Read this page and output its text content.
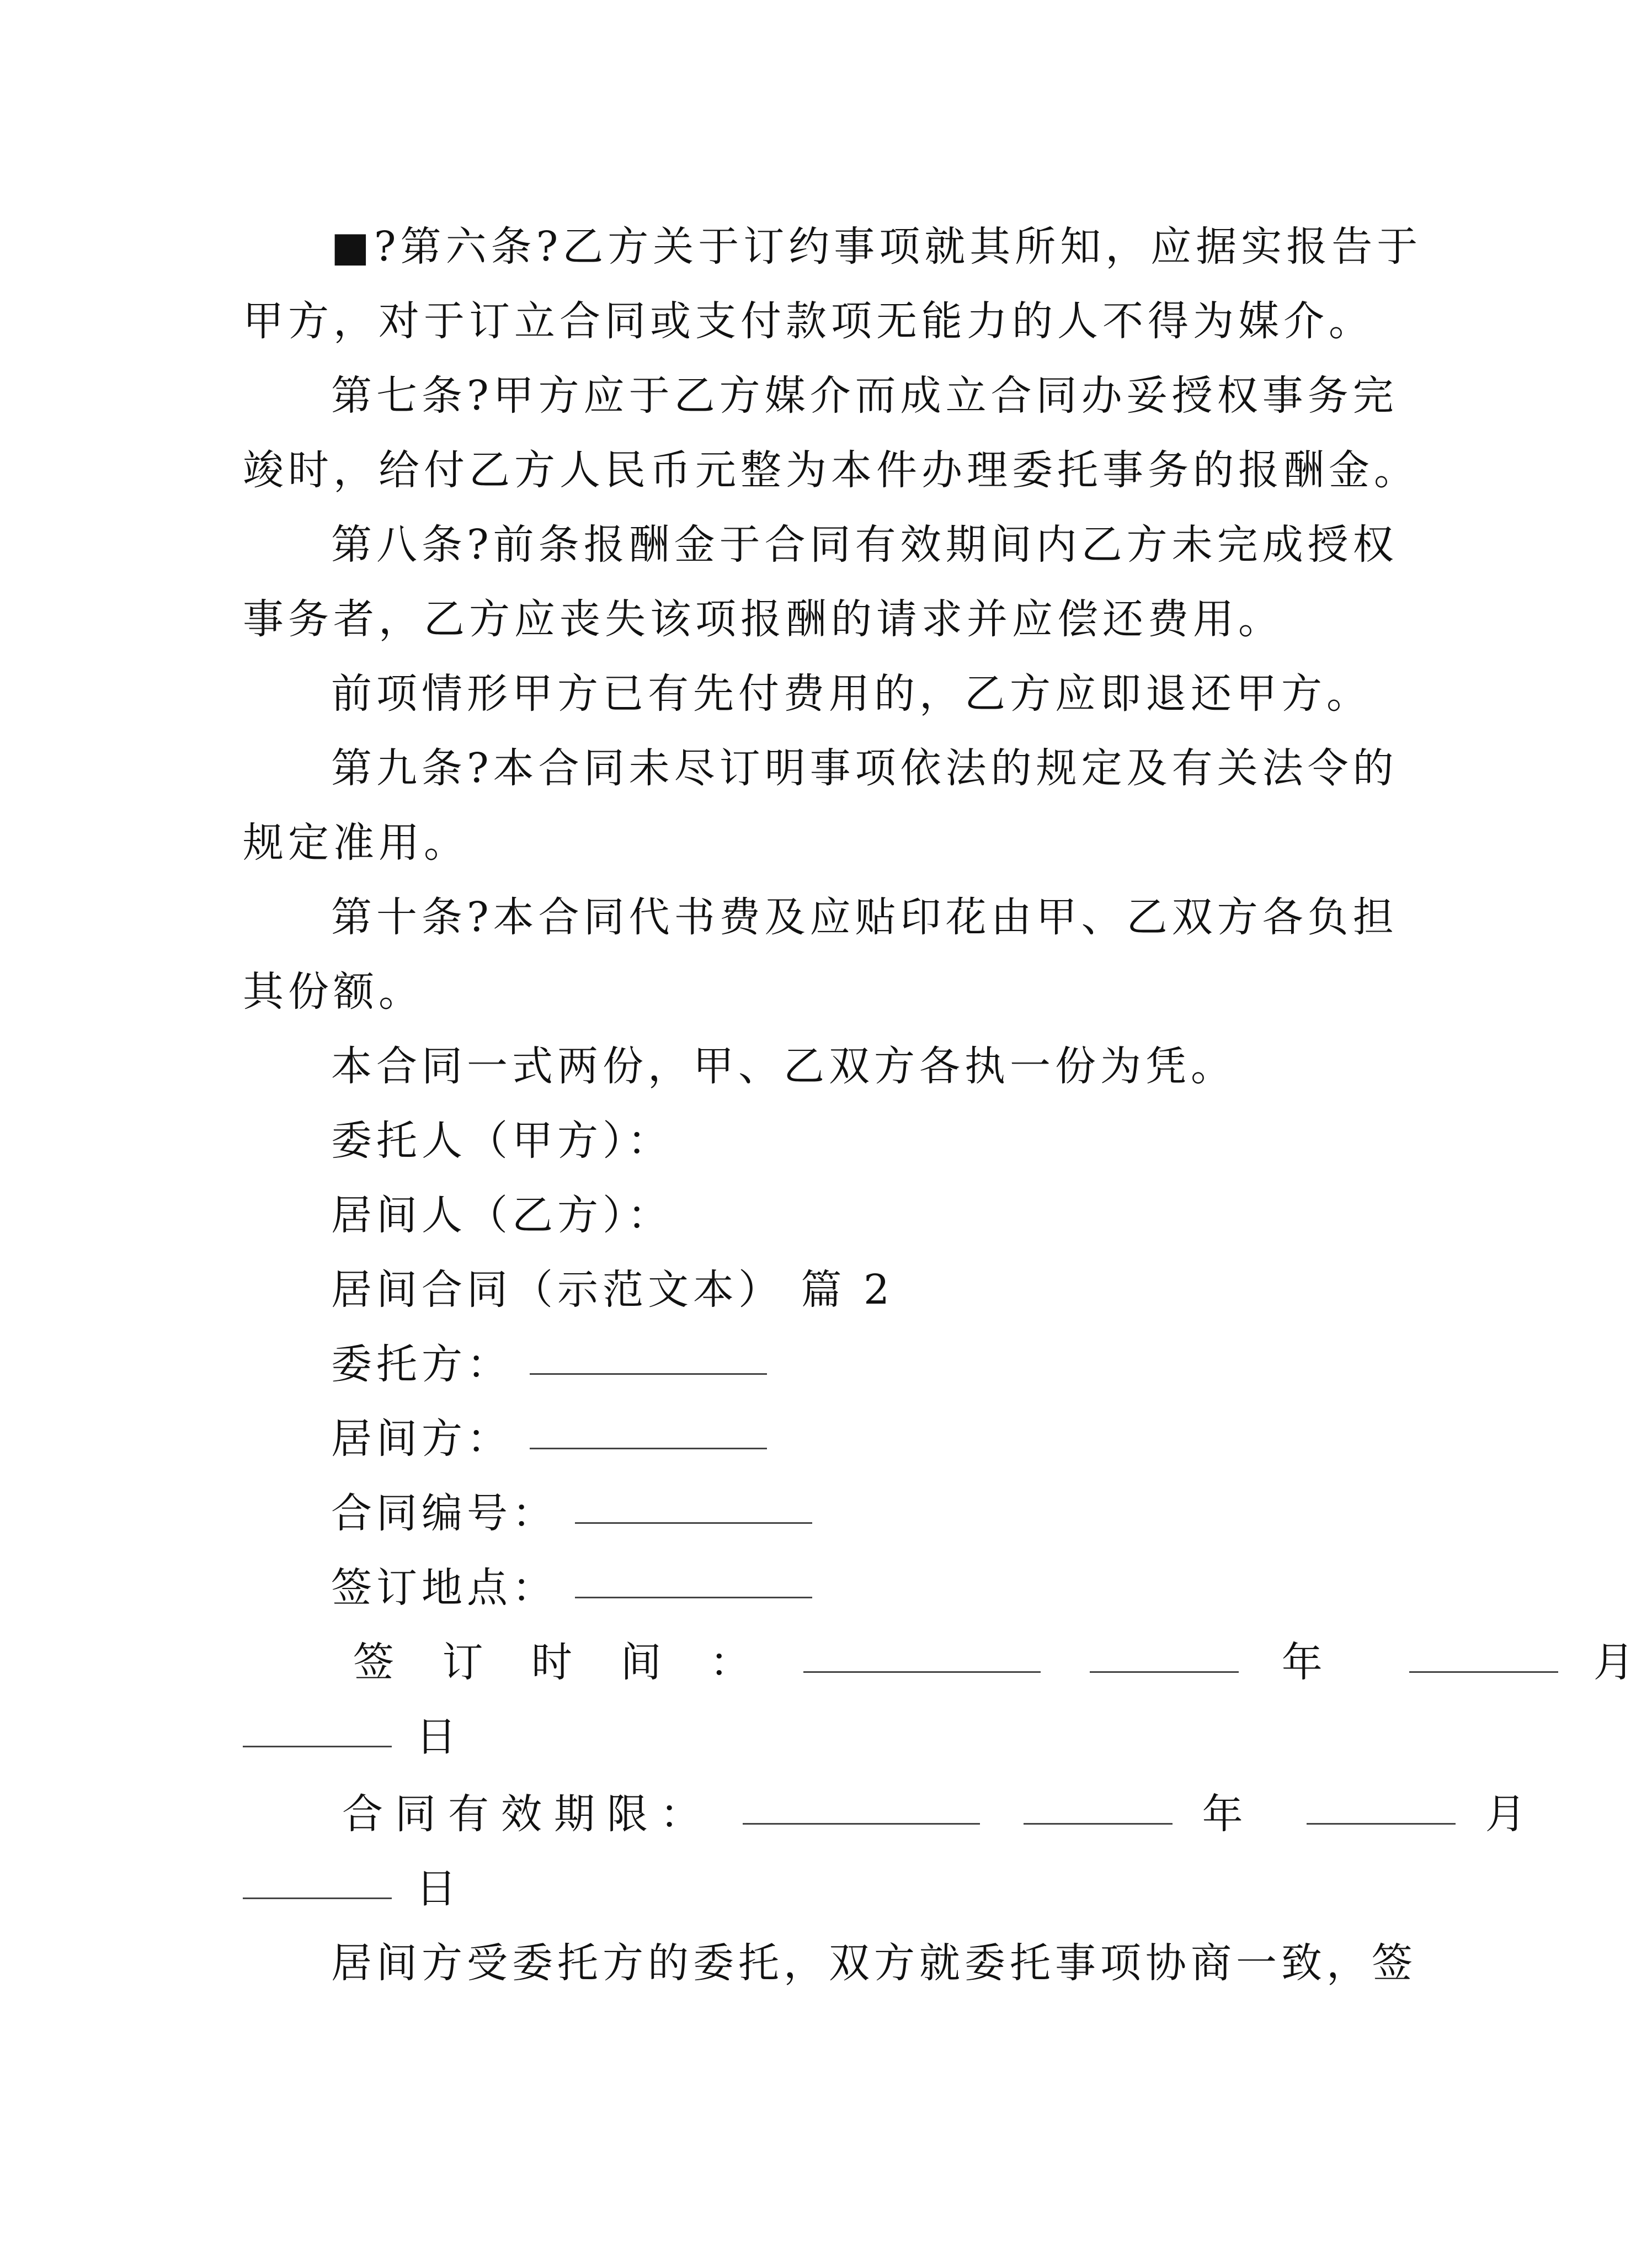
■?第六条?乙方关于订约事项就其所知，应据实报告于
甲方，对于订立合同或支付款项无能力的人不得为媒介。
第七条?甲方应于乙方媒介而成立合同办妥授权事务完
竣时，给付乙方人民币元整为本件办理委托事务的报酬金。
第八条?前条报酬金于合同有效期间内乙方未完成授权
事务者，乙方应丧失该项报酬的请求并应偿还费用。
前项情形甲方已有先付费用的，乙方应即退还甲方。
第九条?本合同未尽订明事项依法的规定及有关法令的
规定准用。
第十条?本合同代书费及应贴印花由甲、乙双方各负担
其份额。
本合同一式两份，甲、乙双方各执一份为凭。
委托人（甲方）：
居间人（乙方）：
居间合同（示范文本） 篇 2
委托方：
居间方：
合同编号：
签订地点：
签 订 时 间 ：	年	月
日
合同有效期限：	年	月
日
居间方受委托方的委托，双方就委托事项协商一致，签
